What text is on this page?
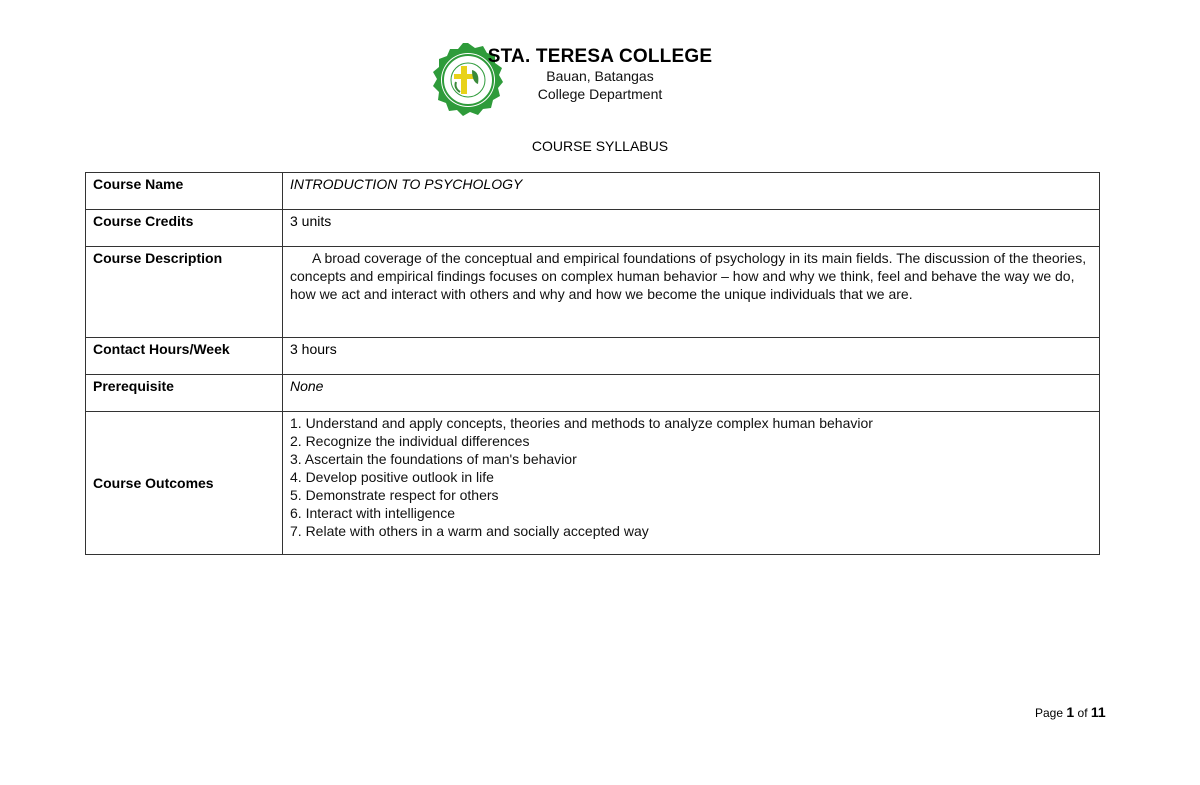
STA. TERESA COLLEGE
Bauan, Batangas
College Department
COURSE SYLLABUS
Course Name	INTRODUCTION TO PSYCHOLOGY
Course Credits	3 units
Course Description	A broad coverage of the conceptual and empirical foundations of psychology in its main fields. The discussion of the theories, concepts and empirical findings focuses on complex human behavior – how and why we think, feel and behave the way we do, how we act and interact with others and why and how we become the unique individuals that we are.

Contact Hours/Week	3 hours
Prerequisite	None
Course Outcomes	
1. Understand and apply concepts, theories and methods to analyze complex human behavior
2. Recognize the individual differences
3. Ascertain the foundations of man's behavior
4. Develop positive outlook in life
5. Demonstrate respect for others
6. Interact with intelligence
7. Relate with others in a warm and socially accepted way
Page 1 of 11
